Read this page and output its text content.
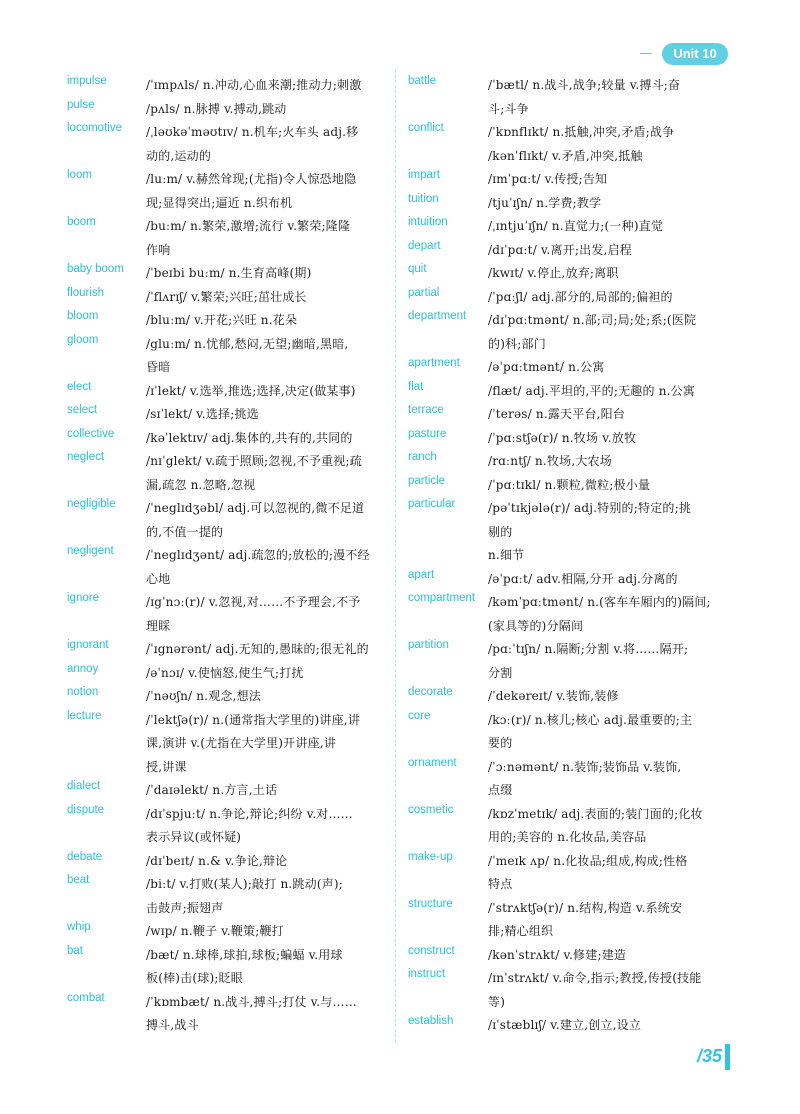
Unit 10
impulse	/ˈɪmpʌls/ n.冲动,心血来潮;推动力;刺激
pulse	/pʌls/ n.脉搏 v.搏动,跳动
locomotive /ˌləʊkəˈməʊtɪv/ n.机车;火车头 adj.移
动的,运动的
loom	/luːm/ v.赫然耸现;(尤指)令人惊恐地隐
现;显得突出;逼近 n.织布机
boom	/buːm/ n.繁荣,激增;流行 v.繁荣;隆隆
作响
baby boom /ˈbeɪbi buːm/ n.生育高峰(期)
flourish	/ˈflʌrɪʃ/ v.繁荣;兴旺;茁壮成长
bloom	/bluːm/ v.开花;兴旺 n.花朵
gloom	/gluːm/ n.忧郁,愁闷,无望;幽暗,黑暗,
昏暗
elect	/ɪˈlekt/ v.选举,推选;选择,决定(做某事)
select	/sɪˈlekt/ v.选择;挑选
collective	/kəˈlektɪv/ adj.集体的,共有的,共同的
neglect	/nɪˈglekt/ v.疏于照顾;忽视,不予重视;疏
漏,疏忽 n.忽略,忽视
negligible	/ˈneglɪdʒəbl/ adj.可以忽视的,微不足道
的,不值一提的
negligent	/ˈneglɪdʒənt/ adj.疏忽的;放松的;漫不经
心地
ignore	/ɪgˈnɔː(r)/ v.忽视,对……不予理会,不予
理睬
ignorant	/ˈɪgnərənt/ adj.无知的,愚昧的;很无礼的
annoy	/əˈnɔɪ/ v.使恼怒,使生气;打扰
notion	/ˈnəʊʃn/ n.观念,想法
lecture	/ˈlektʃə(r)/ n.(通常指大学里的)讲座,讲
课,演讲 v.(尤指在大学里)开讲座,讲
授,讲课
dialect	/ˈdaɪəlekt/ n.方言,土话
dispute	/dɪˈspjuːt/ n.争论,辩论;纠纷 v.对……
表示异议(或怀疑)
debate	/dɪˈbeɪt/ n.& v.争论,辩论
beat	/biːt/ v.打败(某人);敲打 n.跳动(声);
击鼓声;振翅声
whip	/wɪp/ n.鞭子 v.鞭策;鞭打
bat	/bæt/ n.球棒,球拍,球板;蝙蝠 v.用球
板(棒)击(球);眨眼
combat	/ˈkɒmbæt/ n.战斗,搏斗;打仗 v.与……
搏斗,战斗
battle	/ˈbætl/ n.战斗,战争;较量 v.搏斗;奋
斗;斗争
conflict	/ˈkɒnflɪkt/ n.抵触,冲突,矛盾;战争
/kənˈflɪkt/ v.矛盾,冲突,抵触
impart	/ɪmˈpɑːt/ v.传授;告知
tuition	/tjuˈɪʃn/ n.学费;教学
intuition	/ˌɪntjuˈɪʃn/ n.直觉力;(一种)直觉
depart	/dɪˈpɑːt/ v.离开;出发,启程
quit	/kwɪt/ v.停止,放弃;离职
partial	/ˈpɑːʃl/ adj.部分的,局部的;偏袒的
department /dɪˈpɑːtmənt/ n.部;司;局;处;系;(医院
的)科;部门
apartment /əˈpɑːtmənt/ n.公寓
flat	/flæt/ adj.平坦的,平的;无趣的 n.公寓
terrace	/ˈterəs/ n.露天平台,阳台
pasture	/ˈpɑːstʃə(r)/ n.牧场 v.放牧
ranch	/rɑːntʃ/ n.牧场,大农场
particle	/ˈpɑːtɪkl/ n.颗粒,微粒;极小量
particular	/pəˈtɪkjələ(r)/ adj.特别的;特定的;挑
剔的
n.细节
apart	/əˈpɑːt/ adv.相隔,分开 adj.分离的
compartment /kəmˈpɑːtmənt/ n.(客车车厢内的)隔间;
(家具等的)分隔间
partition	/pɑːˈtɪʃn/ n.隔断;分割 v.将……隔开;
分割
decorate	/ˈdekəreɪt/ v.装饰,装修
core	/kɔː(r)/ n.核儿;核心 adj.最重要的;主
要的
ornament	/ˈɔːnəmənt/ n.装饰;装饰品 v.装饰,
点缀
cosmetic	/kɒzˈmetɪk/ adj.表面的;装门面的;化妆
用的;美容的 n.化妆品,美容品
make-up	/ˈmeɪk ʌp/ n.化妆品;组成,构成;性格
特点
structure	/ˈstrʌktʃə(r)/ n.结构,构造 v.系统安
排;精心组织
construct	/kənˈstrʌkt/ v.修建;建造
instruct	/ɪnˈstrʌkt/ v.命令,指示;教授,传授(技能
等)
establish	/ɪˈstæblɪʃ/ v.建立,创立,设立
/35
